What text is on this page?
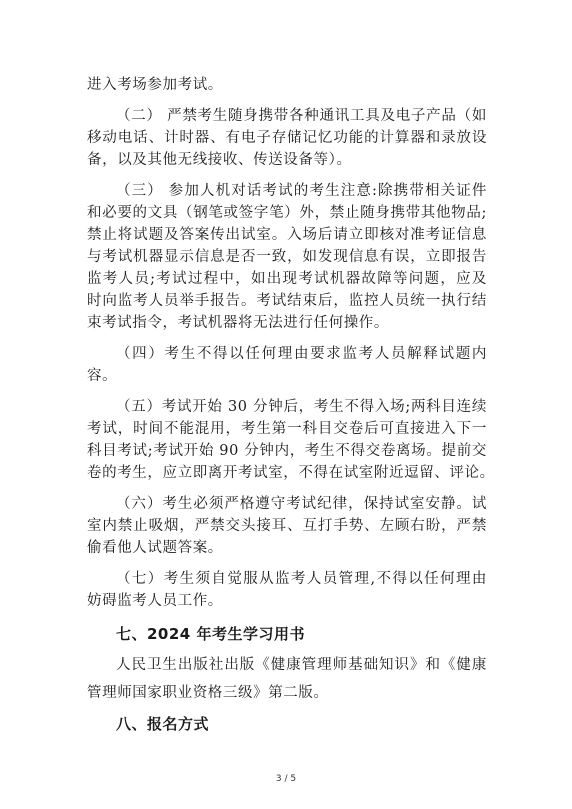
进入考场参加考试。
（二） 严禁考生随身携带各种通讯工具及电子产品（如
移动电话、计时器、有电子存储记忆功能的计算器和录放设
备，以及其他无线接收、传送设备等）。
（三） 参加人机对话考试的考生注意:除携带相关证件
和必要的文具（钢笔或签字笔）外，禁止随身携带其他物品;
禁止将试题及答案传出试室。入场后请立即核对准考证信息
与考试机器显示信息是否一致，如发现信息有误，立即报告
监考人员;考试过程中，如出现考试机器故障等问题，应及
时向监考人员举手报告。考试结束后，监控人员统一执行结
束考试指令，考试机器将无法进行任何操作。
（四）考生不得以任何理由要求监考人员解释试题内
容。
（五）考试开始 30 分钟后，考生不得入场;两科目连续
考试，时间不能混用，考生第一科目交卷后可直接进入下一
科目考试;考试开始 90 分钟内，考生不得交卷离场。提前交
卷的考生，应立即离开考试室，不得在试室附近逗留、评论。
（六）考生必须严格遵守考试纪律，保持试室安静。试
室内禁止吸烟，严禁交头接耳、互打手势、左顾右盼，严禁
偷看他人试题答案。
（七）考生须自觉服从监考人员管理,不得以任何理由
妨碍监考人员工作。
七、2024 年考生学习用书
人民卫生出版社出版《健康管理师基础知识》和《健康
管理师国家职业资格三级》第二版。
八、报名方式
3 / 5
